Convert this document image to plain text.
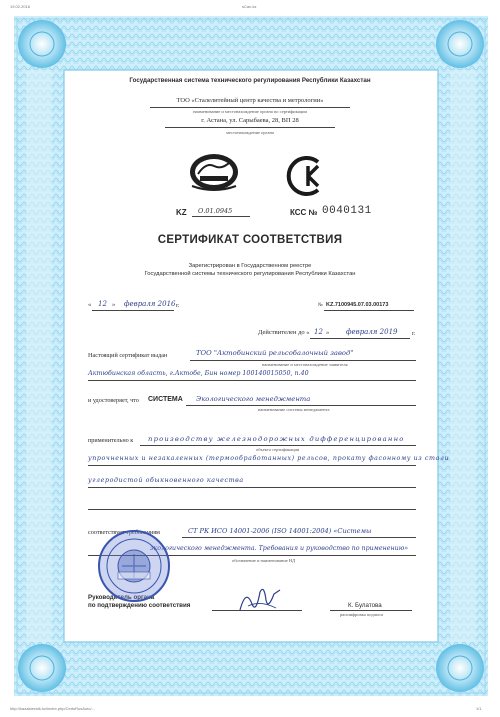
19.02.2016	sCan.kz
Государственная система технического регулирования Республики Казахстан
ТОО «Сталелитейный центр качества и метрологии»
наименование и местонахождение органа по сертификации
г. Астана, ул. Сарыбаева, 28, ВП 28
местонахождение органа
KZ О.01.0945	КСС № 0040131
СЕРТИФИКАТ СООТВЕТСТВИЯ
Зарегистрирован в Государственном реестре
Государственной системы технического регулирования Республики Казахстан
« 12 » февраля 2016 г.	№ KZ.7100945.07.03.00173
Действителен до « 12 » февраля 2019 г.
Настоящий сертификат выдан	ТОО "Актобинский рельсобалочный завод"
наименование и местонахождение заявителя
Актюбинская область, г.Актобе, Бин номер 100140015050, п.40
и удостоверяет, что СИСТЕМА Экологического менеджмента
наименование системы менеджмента
применительно к производству железнодорожных дифференцированно
объекта сертификации
упрочненных и незакаленных (термообработанных) рельсов, прокату фасонному из стали
углеродистой обыкновенного качества
соответствует требованиям	СТ РК ИСО 14001-2006 (ISO 14001:2004) «Системы
экологического менеджмента. Требования и руководство по применению»
обозначение и наименование НД
Руководитель органа
по подтверждению соответствия	К. Булатова
расшифровка подписи
http://kazaktexnik.kz/index.php/CertsRusAuto/...	1/1
